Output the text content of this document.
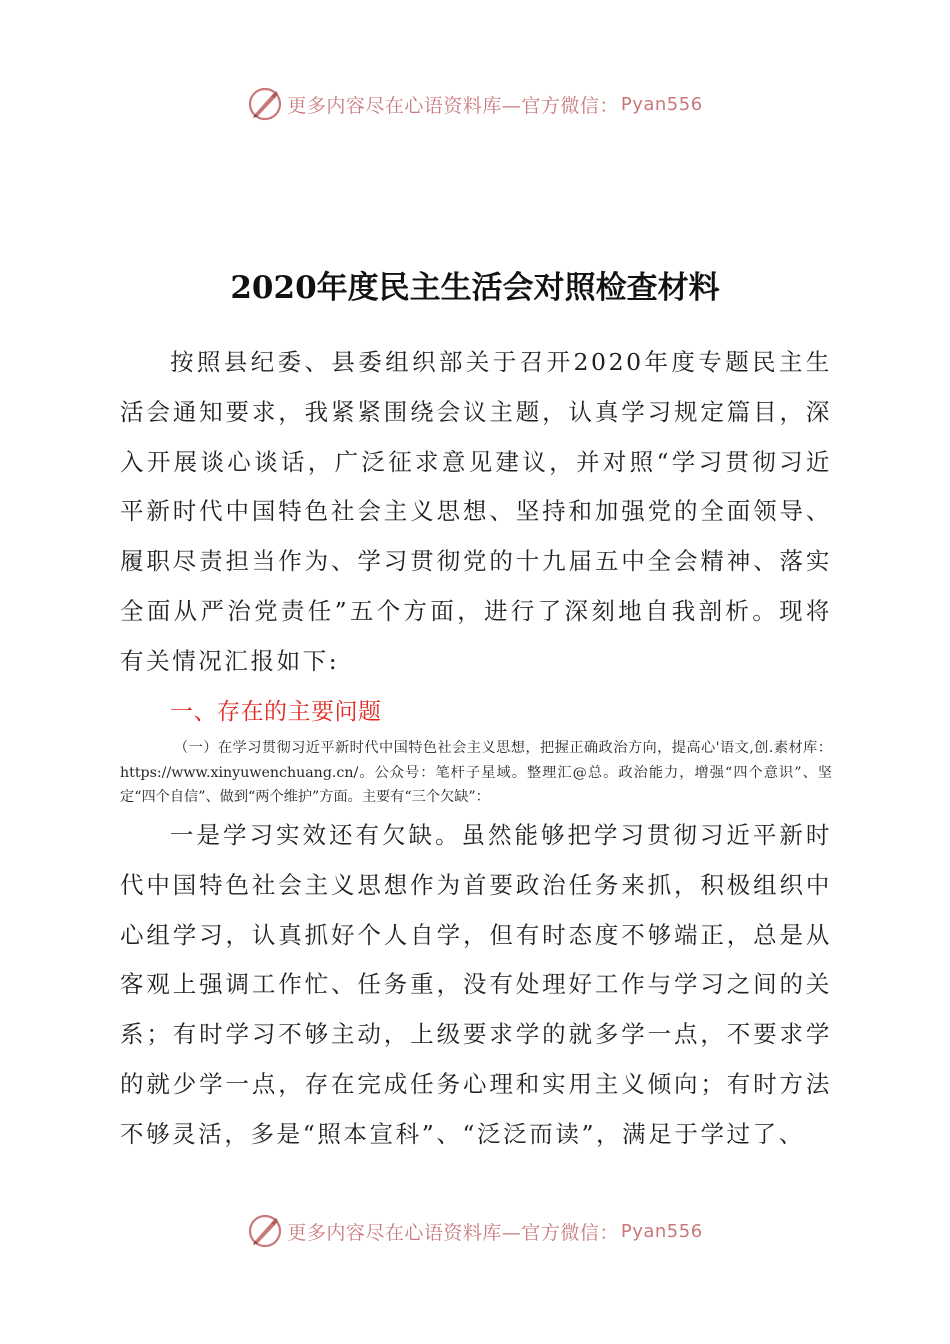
更多内容尽在心语资料库—官方微信： Pyan556
2020年度民主生活会对照检查材料
按照县纪委、县委组织部关于召开2020年度专题民主生活会通知要求，我紧紧围绕会议主题，认真学习规定篇目，深入开展谈心谈话，广泛征求意见建议，并对照“学习贯彻习近平新时代中国特色社会主义思想、坚持和加强党的全面领导、履职尽责担当作为、学习贯彻党的十九届五中全会精神、落实全面从严治党责任”五个方面，进行了深刻地自我剖析。现将有关情况汇报如下:
一、存在的主要问题
（一）在学习贯彻习近平新时代中国特色社会主义思想，把握正确政治方向，提高心'语文,创.素材库：https://www.xinyuwenchuang.cn/。公众号：笔杆子星域。整理汇@总。政治能力，增强“四个意识”、坚定“四个自信”、做到“两个维护”方面。主要有“三个欠缺”：
一是学习实效还有欠缺。虽然能够把学习贯彻习近平新时代中国特色社会主义思想作为首要政治任务来抓，积极组织中心组学习，认真抓好个人自学，但有时态度不够端正，总是从客观上强调工作忙、任务重，没有处理好工作与学习之间的关系；有时学习不够主动，上级要求学的就多学一点，不要求学的就少学一点，存在完成任务心理和实用主义倾向；有时方法不够灵活，多是“照本宣科”、“泛泛而读”，满足于学过了、
更多内容尽在心语资料库—官方微信： Pyan556
